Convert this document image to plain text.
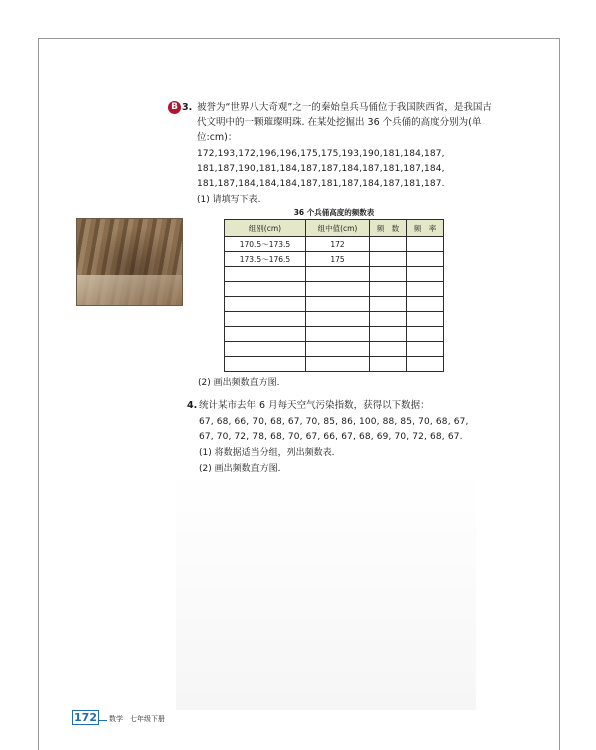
B 3. 被誉为“世界八大奇观”之一的秦始皇兵马俑位于我国陕西省，是我国古代文明中的一颗璀璨明珠. 在某处挖掘出 36 个兵俑的高度分别为(单位:cm)：
172,193,172,196,196,175,175,193,190,181,184,187,
181,187,190,181,184,187,187,184,187,181,187,184,
181,187,184,184,184,187,181,187,184,187,181,187.
(1) 请填写下表.
36 个兵俑高度的频数表
组别(cm)	组中值(cm)	频　数	频　率
170.5～173.5	172		
173.5～176.5	175		

(2) 画出频数直方图.
4. 统计某市去年 6 月每天空气污染指数，获得以下数据：
67, 68, 66, 70, 68, 67, 70, 85, 86, 100, 88, 85, 70, 68, 67,
67, 70, 72, 78, 68, 70, 67, 66, 67, 68, 69, 70, 72, 68, 67.
(1) 将数据适当分组，列出频数表.
(2) 画出频数直方图.
172 数学　七年级下册
